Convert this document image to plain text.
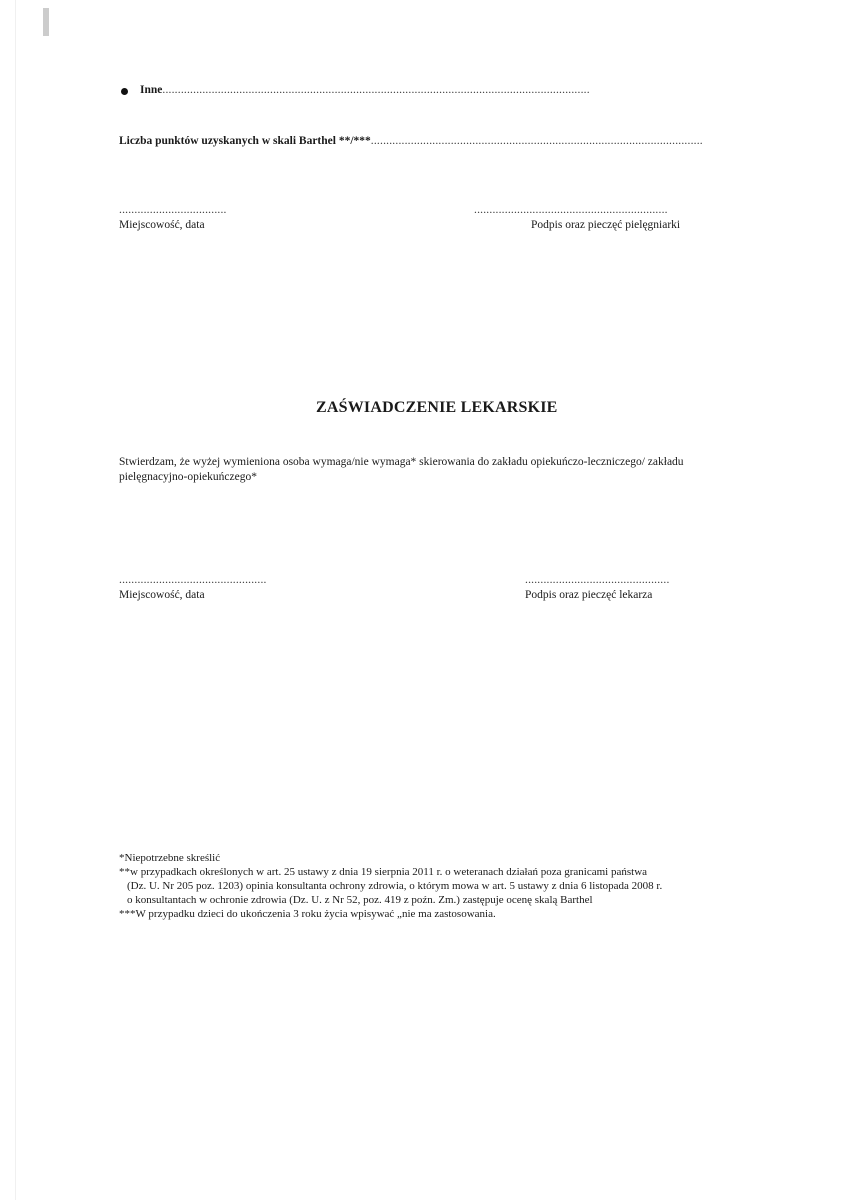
Inne...........................................................................................................................................
Liczba punktów uzyskanych w skali Barthel **/***............................................................................................................
...................................
Miejscowość, data
...............................................................
Podpis oraz pieczęć pielęgniarki
ZAŚWIADCZENIE LEKARSKIE
Stwierdzam, że wyżej wymieniona osoba wymaga/nie wymaga* skierowania do zakładu opiekuńczo-leczniczego/ zakładu pielęgnacyjno-opiekuńczego*
................................................
Miejscowość, data
...............................................
Podpis oraz pieczęć lekarza
*Niepotrzebne skreślić
**w przypadkach określonych w art. 25 ustawy z dnia 19 sierpnia 2011 r. o weteranach działań poza granicami państwa
(Dz. U. Nr 205 poz. 1203) opinia konsultanta ochrony zdrowia, o którym mowa w art. 5 ustawy z dnia 6 listopada 2008 r.
o konsultantach w ochronie zdrowia (Dz. U. z Nr 52, poz. 419 z poźn. Zm.) zastępuje ocenę skalą Barthel
***W przypadku dzieci do ukończenia 3 roku życia wpisywać „nie ma zastosowania.
